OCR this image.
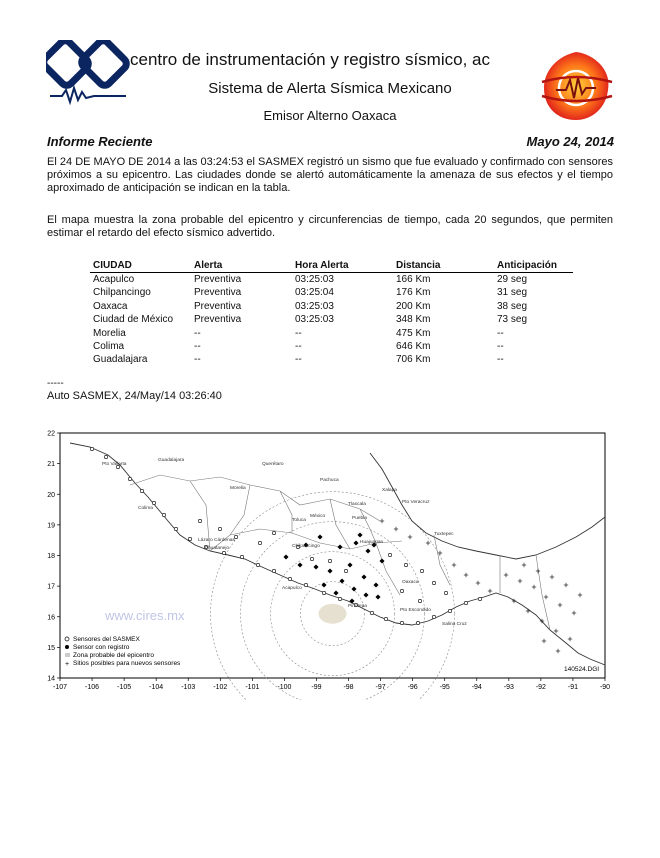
centro de instrumentación y registro sísmico, ac
Sistema de Alerta Sísmica Mexicano
Emisor Alterno Oaxaca
Informe Reciente	Mayo 24, 2014
El 24 DE MAYO DE 2014 a las 03:24:53 el SASMEX registró un sismo que fue evaluado y confirmado con sensores próximos a su epicentro. Las ciudades donde se alertó automáticamente la amenaza de sus efectos y el tiempo aproximado de anticipación se indican en la tabla.
El mapa muestra la zona probable del epicentro y circunferencias de tiempo, cada 20 segundos, que permiten estimar el retardo del efecto sísmico advertido.
CIUDAD	Alerta	Hora Alerta	Distancia	Anticipación
Acapulco	Preventiva	03:25:03	166 Km	29 seg
Chilpancingo	Preventiva	03:25:04	176 Km	31 seg
Oaxaca	Preventiva	03:25:03	200 Km	38 seg
Ciudad de México	Preventiva	03:25:03	348 Km	73 seg
Morelia	--	--	475 Km	--
Colima	--	--	646 Km	--
Guadalajara	--	--	706 Km	--
-----
Auto SASMEX, 24/May/14 03:26:40
Pto Vallarta
Guadalajara
Colima
Morelia
Querétaro
Pachuca
Toluca
México	Puebla
Tlaxcala
Xalapa
Pto Veracruz
Lázaro Cárdenas
Zihuatanejo	Chilpancingo
Acapulco
Huajuapan
Tuxtepec
Oaxaca
Pinotepa
Pto Escondido
Salina Cruz
-107	-106	-105	-104	-103	-102	-101	-100	-99	-98	-97	-96	-95	-94	-93	-92	-91	-90
22
21
20
19
18
17
16
15
14
www.cires.mx
Sensores del SASMEX
Sensor con registro
Zona probable del epicentro
+ Sitios posibles para nuevos sensores
140524.DGI
